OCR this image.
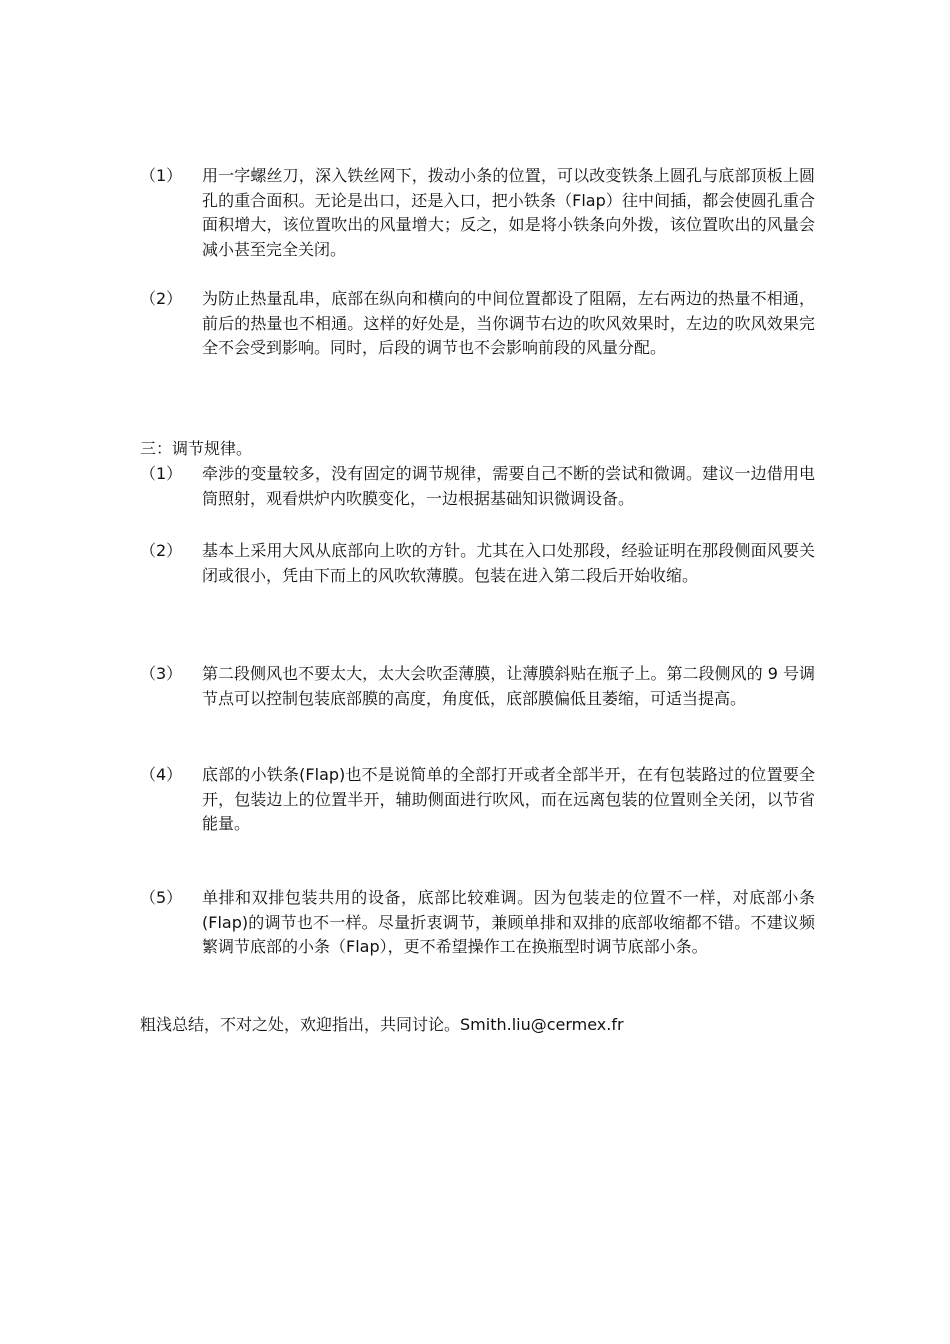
（1）	用一字螺丝刀，深入铁丝网下，拨动小条的位置，可以改变铁条上圆孔与底部顶板上圆孔的重合面积。无论是出口，还是入口，把小铁条（Flap）往中间插，都会使圆孔重合面积增大，该位置吹出的风量增大；反之，如是将小铁条向外拨，该位置吹出的风量会减小甚至完全关闭。
（2）	为防止热量乱串，底部在纵向和横向的中间位置都设了阻隔，左右两边的热量不相通，前后的热量也不相通。这样的好处是，当你调节右边的吹风效果时，左边的吹风效果完全不会受到影响。同时，后段的调节也不会影响前段的风量分配。
三：调节规律。
（1）	牵涉的变量较多，没有固定的调节规律，需要自己不断的尝试和微调。建议一边借用电筒照射，观看烘炉内吹膜变化，一边根据基础知识微调设备。
（2）	基本上采用大风从底部向上吹的方针。尤其在入口处那段，经验证明在那段侧面风要关闭或很小，凭由下而上的风吹软薄膜。包装在进入第二段后开始收缩。
（3）	第二段侧风也不要太大，太大会吹歪薄膜，让薄膜斜贴在瓶子上。第二段侧风的 9 号调节点可以控制包装底部膜的高度，角度低，底部膜偏低且萎缩，可适当提高。
（4）	底部的小铁条(Flap)也不是说简单的全部打开或者全部半开，在有包装路过的位置要全开，包装边上的位置半开，辅助侧面进行吹风，而在远离包装的位置则全关闭，以节省能量。
（5）	单排和双排包装共用的设备，底部比较难调。因为包装走的位置不一样，对底部小条(Flap)的调节也不一样。尽量折衷调节，兼顾单排和双排的底部收缩都不错。不建议频繁调节底部的小条（Flap），更不希望操作工在换瓶型时调节底部小条。
粗浅总结，不对之处，欢迎指出，共同讨论。Smith.liu@cermex.fr
